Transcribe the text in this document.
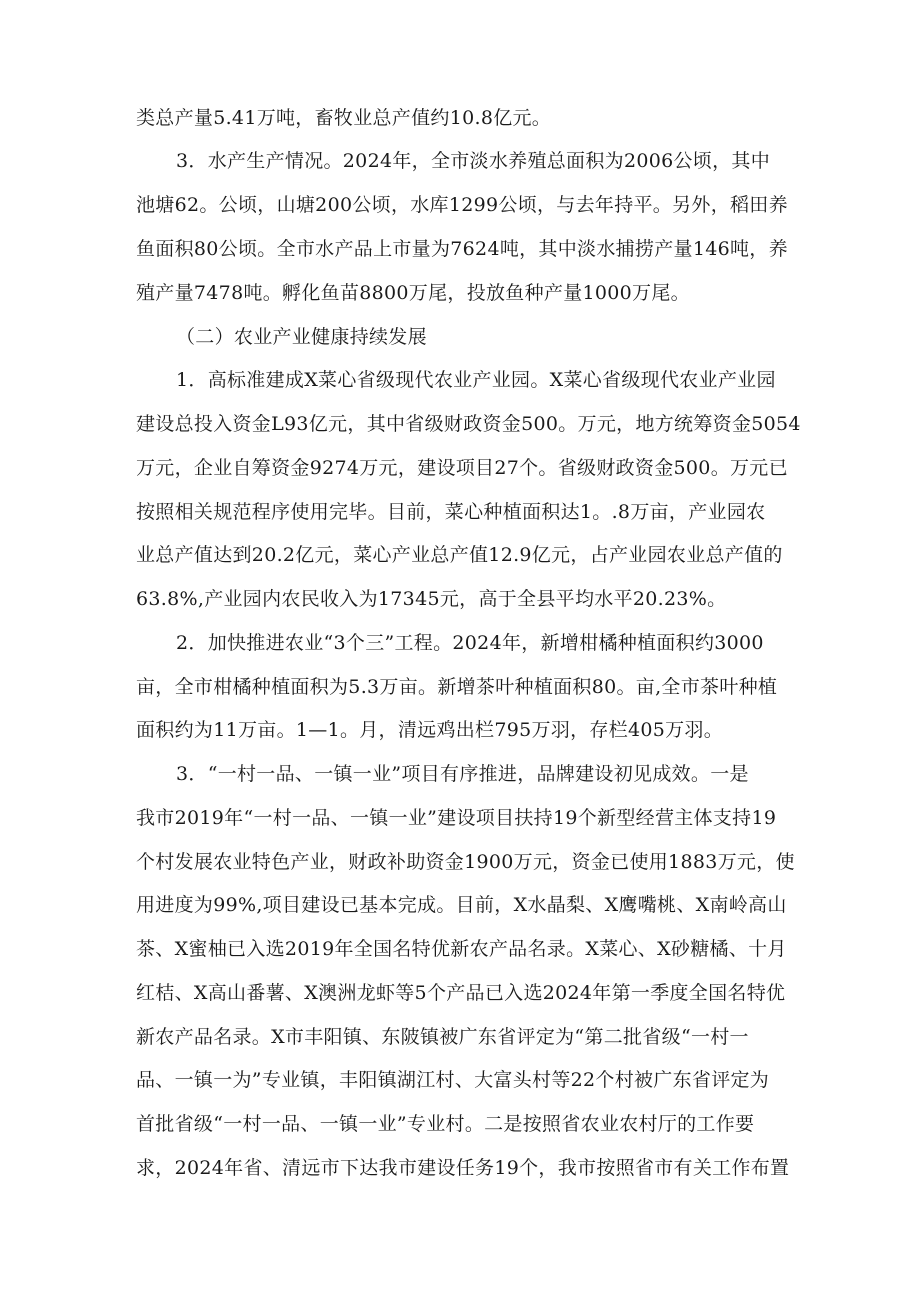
类总产量5.41万吨，畜牧业总产值约10.8亿元。
3．水产生产情况。2024年，全市淡水养殖总面积为2006公顷，其中
池塘62。公顷，山塘200公顷，水库1299公顷，与去年持平。另外，稻田养
鱼面积80公顷。全市水产品上市量为7624吨，其中淡水捕捞产量146吨，养
殖产量7478吨。孵化鱼苗8800万尾，投放鱼种产量1000万尾。
（二）农业产业健康持续发展
1．高标准建成X菜心省级现代农业产业园。X菜心省级现代农业产业园
建设总投入资金L93亿元，其中省级财政资金500。万元，地方统筹资金5054
万元，企业自筹资金9274万元，建设项目27个。省级财政资金500。万元已
按照相关规范程序使用完毕。目前，菜心种植面积达1。.8万亩，产业园农
业总产值达到20.2亿元，菜心产业总产值12.9亿元，占产业园农业总产值的
63.8%,产业园内农民收入为17345元，高于全县平均水平20.23%。
2．加快推进农业“3个三”工程。2024年，新增柑橘种植面积约3000
亩，全市柑橘种植面积为5.3万亩。新增茶叶种植面积80。亩,全市茶叶种植
面积约为11万亩。1—1。月，清远鸡出栏795万羽，存栏405万羽。
3．“一村一品、一镇一业”项目有序推进，品牌建设初见成效。一是
我市2019年“一村一品、一镇一业”建设项目扶持19个新型经营主体支持19
个村发展农业特色产业，财政补助资金1900万元，资金已使用1883万元，使
用进度为99%,项目建设已基本完成。目前，X水晶梨、X鹰嘴桃、X南岭高山
茶、X蜜柚已入选2019年全国名特优新农产品名录。X菜心、X砂糖橘、十月
红桔、X高山番薯、X澳洲龙虾等5个产品已入选2024年第一季度全国名特优
新农产品名录。X市丰阳镇、东陂镇被广东省评定为“第二批省级“一村一
品、一镇一为”专业镇，丰阳镇湖江村、大富头村等22个村被广东省评定为
首批省级“一村一品、一镇一业”专业村。二是按照省农业农村厅的工作要
求，2024年省、清远市下达我市建设任务19个，我市按照省市有关工作布置
